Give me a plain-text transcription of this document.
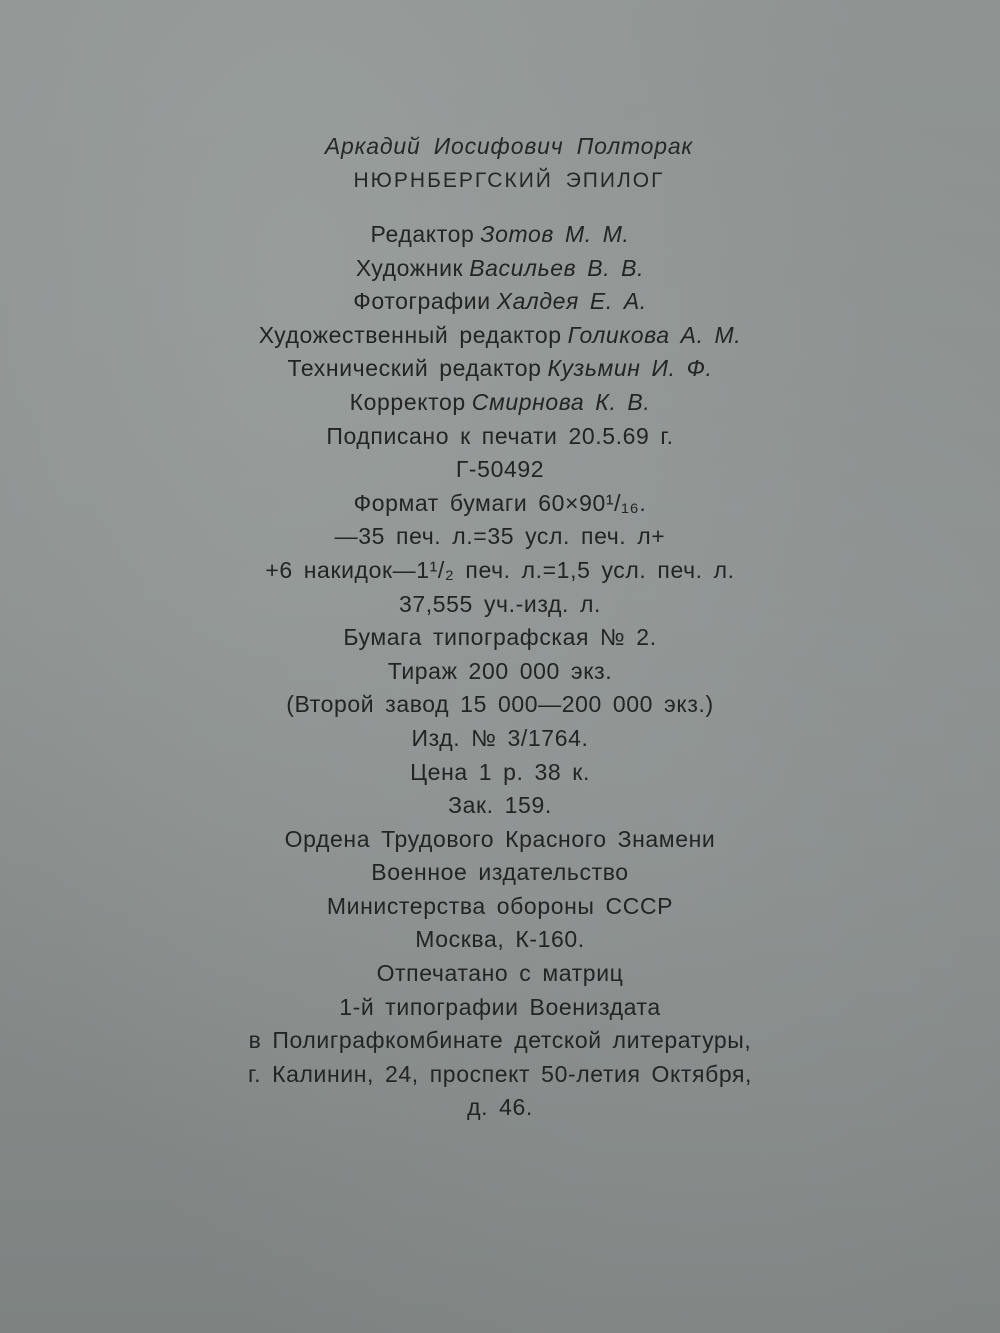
Аркадий Иосифович Полторак
НЮРНБЕРГСКИЙ ЭПИЛОГ
Редактор Зотов М. М.
Художник Васильев В. В.
Фотографии Халдея Е. А.
Художественный редактор Голикова А. М.
Технический редактор Кузьмин И. Ф.
Корректор Смирнова К. В.
Подписано к печати 20.5.69 г.
Г-50492
Формат бумаги 60×90¹/₁₆.
—35 печ. л.=35 усл. печ. л+
+6 накидок—1¹/₂ печ. л.=1,5 усл. печ. л.
37,555 уч.-изд. л.
Бумага типографская № 2.
Тираж 200 000 экз.
(Второй завод 15 000—200 000 экз.)
Изд. № 3/1764.
Цена 1 р. 38 к.
Зак. 159.
Ордена Трудового Красного Знамени
Военное издательство
Министерства обороны СССР
Москва, К-160.
Отпечатано с матриц
1-й типографии Воениздата
в Полиграфкомбинате детской литературы,
г. Калинин, 24, проспект 50-летия Октября,
д. 46.
